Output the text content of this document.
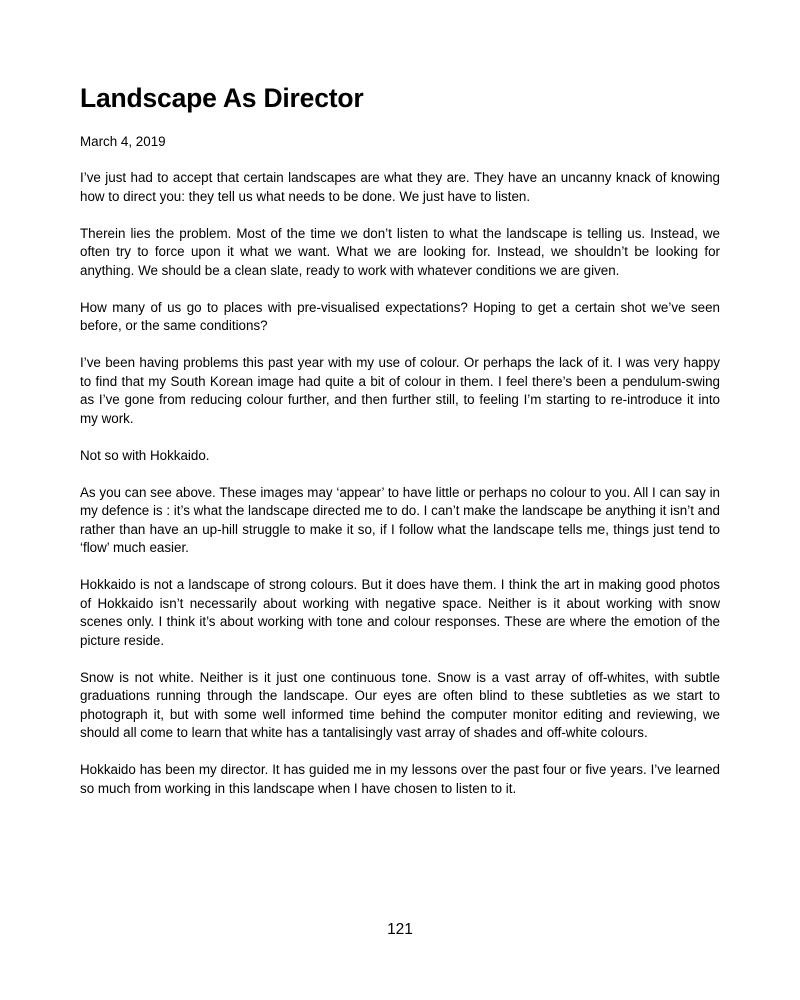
Landscape As Director

March 4, 2019

I’ve just had to accept that certain landscapes are what they are. They have an uncanny knack of knowing how to direct you: they tell us what needs to be done. We just have to listen.

Therein lies the problem. Most of the time we don’t listen to what the landscape is telling us. Instead, we often try to force upon it what we want. What we are looking for. Instead, we shouldn’t be looking for anything. We should be a clean slate, ready to work with whatever conditions we are given.

How many of us go to places with pre-visualised expectations? Hoping to get a certain shot we’ve seen before, or the same conditions?

I’ve been having problems this past year with my use of colour. Or perhaps the lack of it. I was very happy to find that my South Korean image had quite a bit of colour in them. I feel there’s been a pendulum-swing as I’ve gone from reducing colour further, and then further still, to feeling I’m starting to re-introduce it into my work.

Not so with Hokkaido.

As you can see above. These images may ‘appear’ to have little or perhaps no colour to you. All I can say in my defence is : it’s what the landscape directed me to do. I can’t make the landscape be anything it isn’t and rather than have an up-hill struggle to make it so, if I follow what the landscape tells me, things just tend to ‘flow’ much easier.

Hokkaido is not a landscape of strong colours. But it does have them. I think the art in making good photos of Hokkaido isn’t necessarily about working with negative space. Neither is it about working with snow scenes only. I think it’s about working with tone and colour responses. These are where the emotion of the picture reside.

Snow is not white. Neither is it just one continuous tone. Snow is a vast array of off-whites, with subtle graduations running through the landscape. Our eyes are often blind to these subtleties as we start to photograph it, but with some well informed time behind the computer monitor editing and reviewing, we should all come to learn that white has a tantalisingly vast array of shades and off-white colours.

Hokkaido has been my director. It has guided me in my lessons over the past four or five years. I’ve learned so much from working in this landscape when I have chosen to listen to it.

121
